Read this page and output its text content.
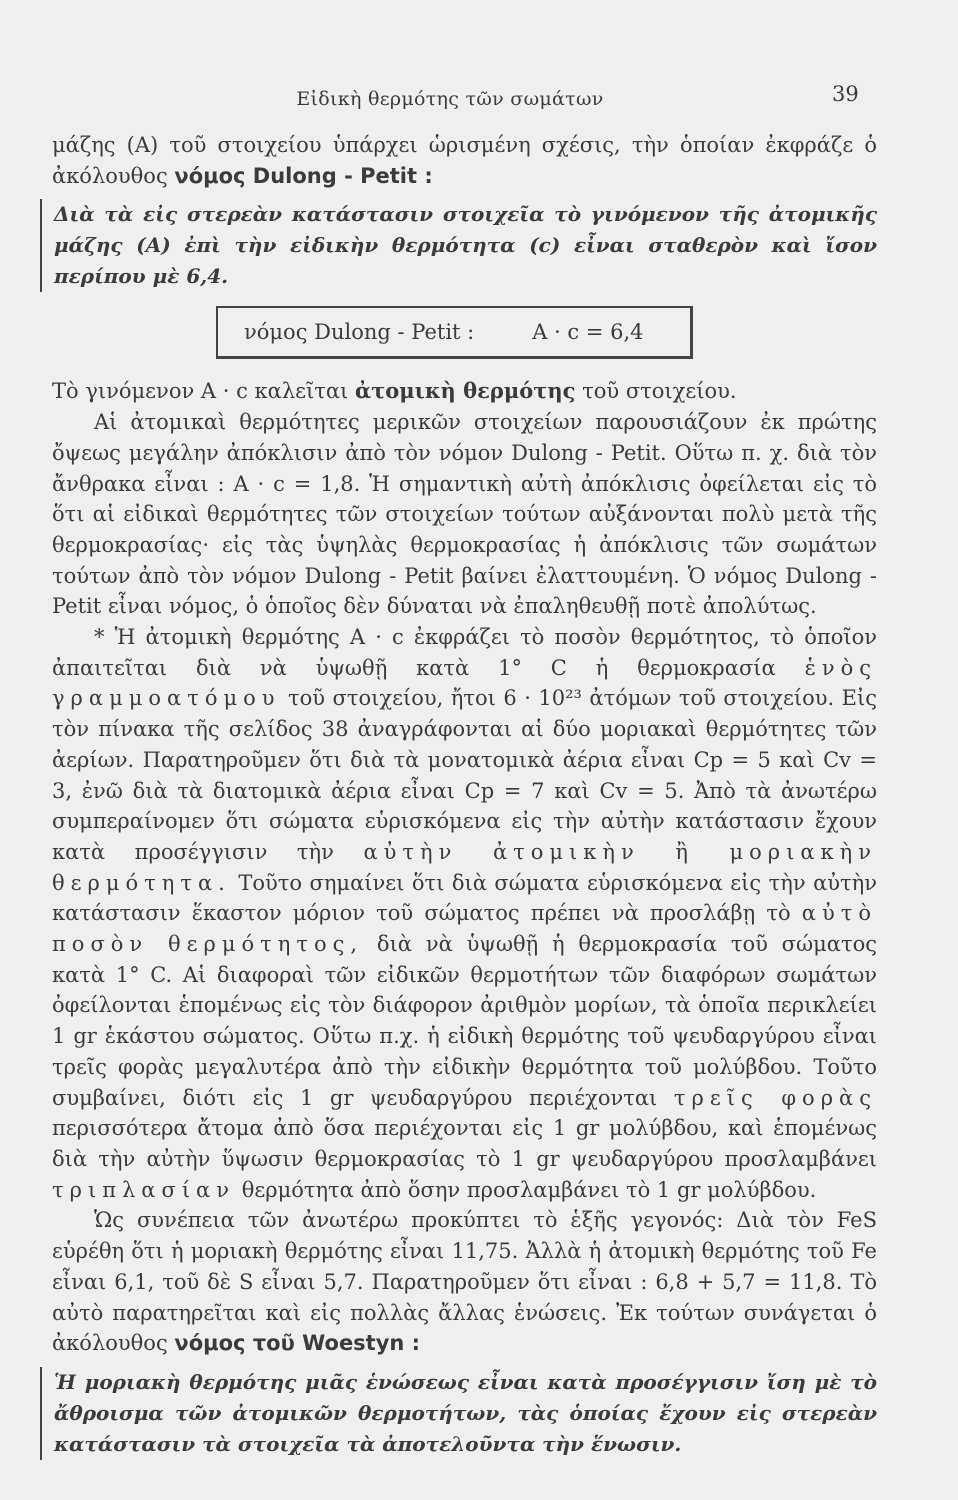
Εἰδικὴ θερμότης τῶν σωμάτων	39

μάζης (A) τοῦ στοιχείου ὑπάρχει ὡρισμένη σχέσις, τὴν ὁποίαν ἐκφράζε ὁ ἀκόλουθος νόμος Dulong - Petit :

Διὰ τὰ εἰς στερεὰν κατάστασιν στοιχεῖα τὸ γινόμενον τῆς ἀτομικῆς μάζης (A) ἐπὶ τὴν εἰδικὴν θερμότητα (c) εἶναι σταθερὸν καὶ ἴσον περίπου μὲ 6,4.
νόμος Dulong - Petit :	A · c = 6,4

Τὸ γινόμενον A · c καλεῖται ἀτομικὴ θερμότης τοῦ στοιχείου.

Αἱ ἀτομικαὶ θερμότητες μερικῶν στοιχείων παρουσιάζουν ἐκ πρώτης ὄψεως μεγάλην ἀπόκλισιν ἀπὸ τὸν νόμον Dulong - Petit. Οὕτω π. χ. διὰ τὸν ἄνθρακα εἶναι : A · c = 1,8. Ἡ σημαντικὴ αὐτὴ ἀπόκλισις ὀφείλεται εἰς τὸ ὅτι αἱ εἰδικαὶ θερμότητες τῶν στοιχείων τούτων αὐξάνονται πολὺ μετὰ τῆς θερμοκρασίας· εἰς τὰς ὑψηλὰς θερμοκρασίας ἡ ἀπόκλισις τῶν σωμάτων τούτων ἀπὸ τὸν νόμον Dulong - Petit βαίνει ἐλαττουμένη. Ὁ νόμος Dulong - Petit εἶναι νόμος, ὁ ὁποῖος δὲν δύναται νὰ ἐπαληθευθῇ ποτὲ ἀπολύτως.

* Ἡ ἀτομικὴ θερμότης A · c ἐκφράζει τὸ ποσὸν θερμότητος, τὸ ὁποῖον ἀπαιτεῖται διὰ νὰ ὑψωθῇ κατὰ 1° C ἡ θερμοκρασία ἑνὸς γραμμοατόμου τοῦ στοιχείου, ἤτοι 6 · 10²³ ἀτόμων τοῦ στοιχείου. Εἰς τὸν πίνακα τῆς σελίδος 38 ἀναγράφονται αἱ δύο μοριακαὶ θερμότητες τῶν ἀερίων. Παρατηροῦμεν ὅτι διὰ τὰ μονατομικὰ ἀέρια εἶναι Cp = 5 καὶ Cv = 3, ἐνῶ διὰ τὰ διατομικὰ ἀέρια εἶναι Cp = 7 καὶ Cv = 5. Ἀπὸ τὰ ἀνωτέρω συμπεραίνομεν ὅτι σώματα εὑρισκόμενα εἰς τὴν αὐτὴν κατάστασιν ἔχουν κατὰ προσέγγισιν τὴν αὐτὴν ἀτομικὴν ἢ μοριακὴν θερμότητα. Τοῦτο σημαίνει ὅτι διὰ σώματα εὑρισκόμενα εἰς τὴν αὐτὴν κατάστασιν ἕκαστον μόριον τοῦ σώματος πρέπει νὰ προσλάβῃ τὸ αὐτὸ ποσὸν θερμότητος, διὰ νὰ ὑψωθῇ ἡ θερμοκρασία τοῦ σώματος κατὰ 1° C. Αἱ διαφοραὶ τῶν εἰδικῶν θερμοτήτων τῶν διαφόρων σωμάτων ὀφείλονται ἑπομένως εἰς τὸν διάφορον ἀριθμὸν μορίων, τὰ ὁποῖα περικλείει 1 gr ἑκάστου σώματος. Οὕτω π.χ. ἡ εἰδικὴ θερμότης τοῦ ψευδαργύρου εἶναι τρεῖς φορὰς μεγαλυτέρα ἀπὸ τὴν εἰδικὴν θερμότητα τοῦ μολύβδου. Τοῦτο συμβαίνει, διότι εἰς 1 gr ψευδαργύρου περιέχονται τρεῖς φορὰς περισσότερα ἄτομα ἀπὸ ὅσα περιέχονται εἰς 1 gr μολύβδου, καὶ ἑπομένως διὰ τὴν αὐτὴν ὕψωσιν θερμοκρασίας τὸ 1 gr ψευδαργύρου προσλαμβάνει τριπλασίαν θερμότητα ἀπὸ ὅσην προσλαμβάνει τὸ 1 gr μολύβδου.

Ὡς συνέπεια τῶν ἀνωτέρω προκύπτει τὸ ἑξῆς γεγονός: Διὰ τὸν FeS εὑρέθη ὅτι ἡ μοριακὴ θερμότης εἶναι 11,75. Ἀλλὰ ἡ ἀτομικὴ θερμότης τοῦ Fe εἶναι 6,1, τοῦ δὲ S εἶναι 5,7. Παρατηροῦμεν ὅτι εἶναι : 6,8 + 5,7 = 11,8. Τὸ αὐτὸ παρατηρεῖται καὶ εἰς πολλὰς ἄλλας ἑνώσεις. Ἐκ τούτων συνάγεται ὁ ἀκόλουθος νόμος τοῦ Woestyn :

Ἡ μοριακὴ θερμότης μιᾶς ἑνώσεως εἶναι κατὰ προσέγγισιν ἴση μὲ τὸ ἄθροισμα τῶν ἀτομικῶν θερμοτήτων, τὰς ὁποίας ἔχουν εἰς στερεὰν κατάστασιν τὰ στοιχεῖα τὰ ἀποτελοῦντα τὴν ἕνωσιν.
